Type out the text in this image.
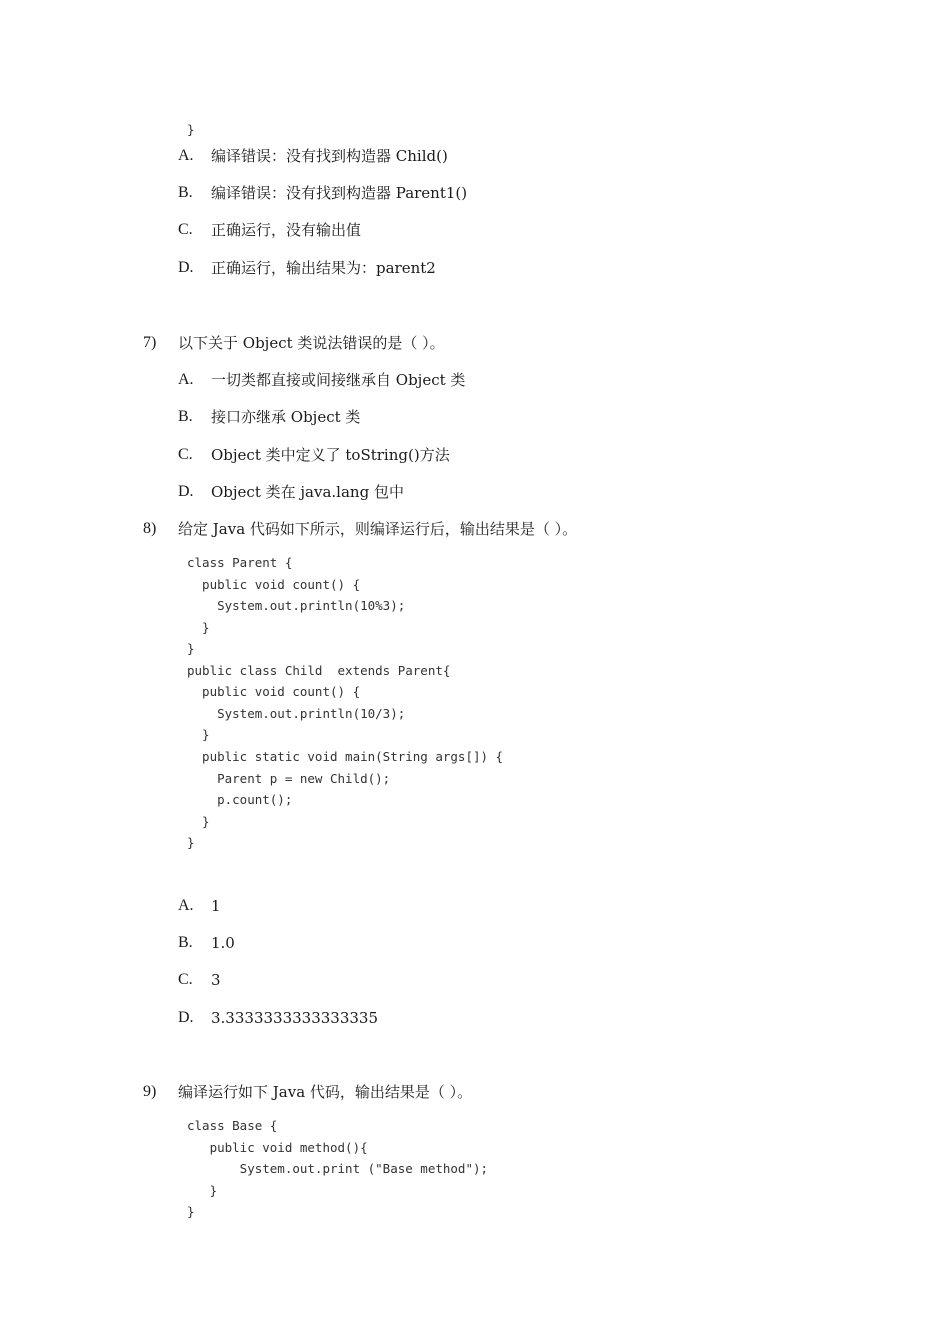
}
A. 编译错误：没有找到构造器 Child()
B. 编译错误：没有找到构造器 Parent1()
C. 正确运行，没有输出值
D. 正确运行，输出结果为：parent2
7) 以下关于 Object 类说法错误的是（ ）。
A. 一切类都直接或间接继承自 Object 类
B. 接口亦继承 Object 类
C. Object 类中定义了 toString()方法
D. Object 类在 java.lang 包中
8) 给定 Java 代码如下所示，则编译运行后，输出结果是（ ）。
class Parent {
public void count() {
System.out.println(10%3);
}
}
public class Child  extends Parent{
public void count() {
System.out.println(10/3);
}
public static void main(String args[]) {
Parent p = new Child();
p.count();
}
}
A. 1
B. 1.0
C. 3
D. 3.3333333333333335
9) 编译运行如下 Java 代码，输出结果是（ ）。
class Base {
public void method(){
System.out.print ("Base method");
}
}
